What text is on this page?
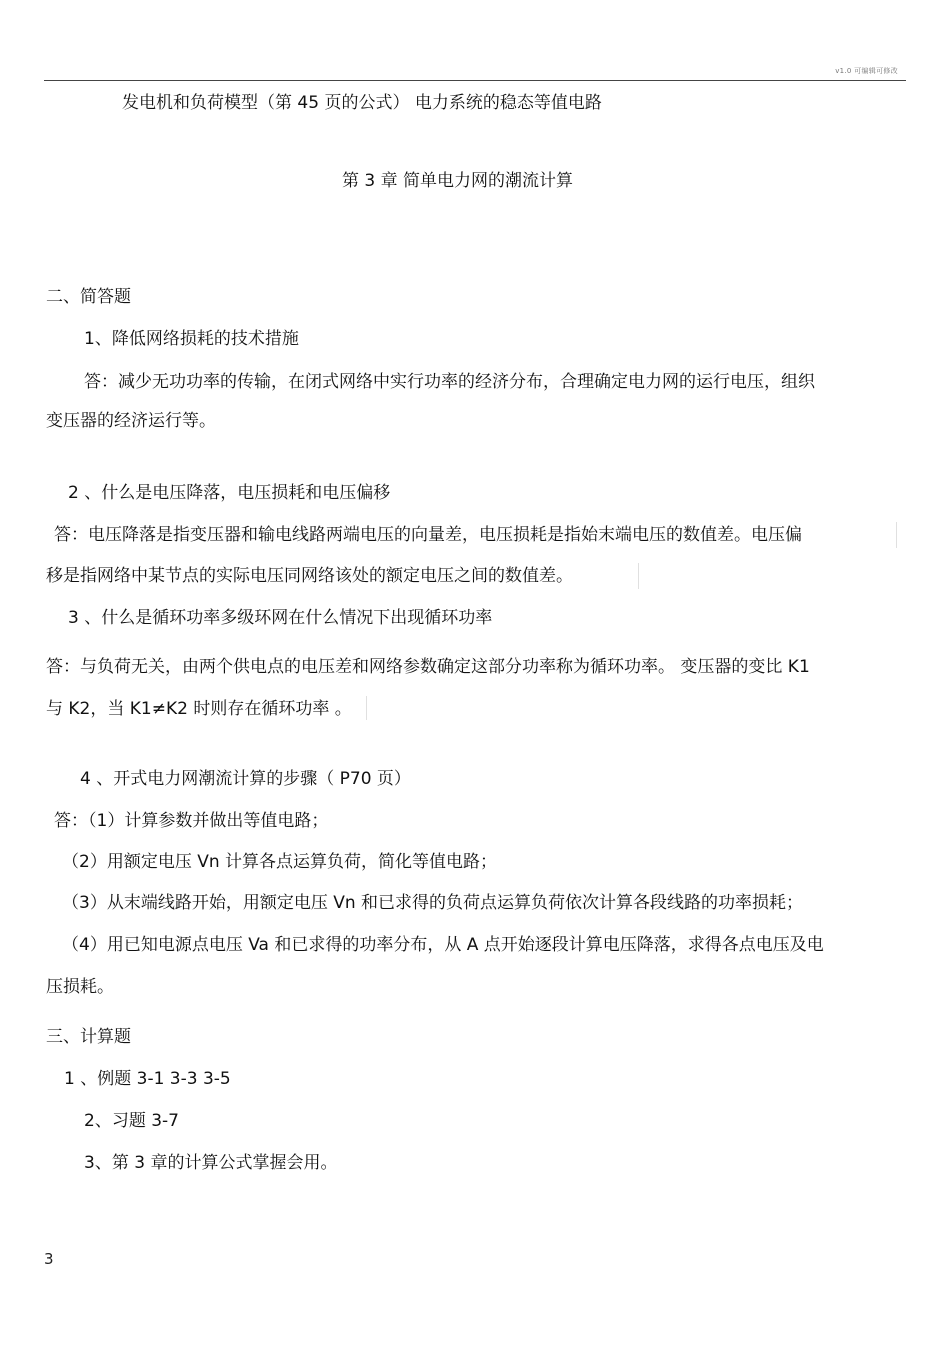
v1.0 可编辑可修改
发电机和负荷模型（第 45 页的公式） 电力系统的稳态等值电路
第 3 章 简单电力网的潮流计算
二、简答题
1、降低网络损耗的技术措施
答：减少无功功率的传输，在闭式网络中实行功率的经济分布，合理确定电力网的运行电压，组织
变压器的经济运行等。
2 、什么是电压降落，电压损耗和电压偏移
答：电压降落是指变压器和输电线路两端电压的向量差，电压损耗是指始末端电压的数值差。电压偏
移是指网络中某节点的实际电压同网络该处的额定电压之间的数值差。
3 、什么是循环功率多级环网在什么情况下出现循环功率
答：与负荷无关，由两个供电点的电压差和网络参数确定这部分功率称为循环功率。 变压器的变比 K1
与 K2，当 K1≠K2 时则存在循环功率 。
4 、开式电力网潮流计算的步骤（ P70 页）
答：（1）计算参数并做出等值电路；
（2）用额定电压 Vn 计算各点运算负荷，简化等值电路；
（3）从末端线路开始，用额定电压 Vn 和已求得的负荷点运算负荷依次计算各段线路的功率损耗；
（4）用已知电源点电压 Va 和已求得的功率分布，从 A 点开始逐段计算电压降落，求得各点电压及电
压损耗。
三、计算题
1 、例题 3-1 3-3 3-5
2、习题 3-7
3、第 3 章的计算公式掌握会用。
3
